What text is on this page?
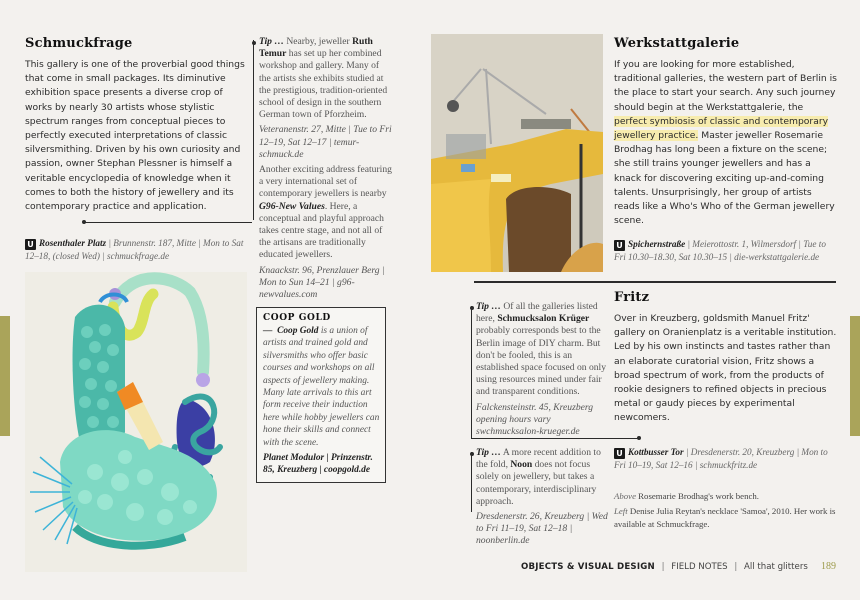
Schmuckfrage
This gallery is one of the proverbial good things that come in small packages. Its diminutive exhibition space presents a diverse crop of works by nearly 30 artists whose stylistic spectrum ranges from conceptual pieces to perfectly executed interpretations of classic silversmithing. Driven by his own curiosity and passion, owner Stephan Plessner is himself a veritable encyclopedia of knowledge when it comes to both the history of jewellery and its contemporary practice and application.
U Rosenthaler Platz | Brunnenstr. 187, Mitte | Mon to Sat 12–18, (closed Wed) | schmuckfrage.de
Tip … Nearby, jeweller Ruth Temur has set up her combined workshop and gallery. Many of the artists she exhibits studied at the prestigious, tradition-oriented school of design in the southern German town of Pforzheim.
Veteranenstr. 27, Mitte | Tue to Fri 12–19, Sat 12–17 | temur-schmuck.de
Another exciting address featuring a very international set of contemporary jewellers is nearby G96-New Values. Here, a conceptual and playful approach takes centre stage, and not all of the artisans are traditionally educated jewellers.
Knaackstr. 96, Prenzlauer Berg | Mon to Sun 14–21 | g96-newvalues.com
COOP GOLD
— Coop Gold is a union of artists and trained gold and silversmiths who offer basic courses and workshops on all aspects of jewellery making. Many late arrivals to this art form receive their induction here while hobby jewellers can hone their skills and connect with the scene.
Planet Modulor | Prinzenstr. 85, Kreuzberg | coopgold.de
Werkstattgalerie
If you are looking for more established, traditional galleries, the western part of Berlin is the place to start your search. Any such journey should begin at the Werkstattgalerie, the perfect symbiosis of classic and contemporary jewellery practice. Master jeweller Rosemarie Brodhag has long been a fixture on the scene; she still trains younger jewellers and has a knack for discovering exciting up-and-coming talents. Unsurprisingly, her group of artists reads like a Who's Who of the German jewellery scene.
U Spichernstraße | Meierottostr. 1, Wilmersdorf | Tue to Fri 10.30–18.30, Sat 10.30–15 | die-werkstattgalerie.de
Tip … Of all the galleries listed here, Schmucksalon Krüger probably corresponds best to the Berlin image of DIY charm. But don't be fooled, this is an established space focused on only using resources mined under fair and transparent conditions.
Falckensteinstr. 45, Kreuzberg opening hours vary swchmucksalon-krueger.de
Tip … A more recent addition to the fold, Noon does not focus solely on jewellery, but takes a contemporary, interdisciplinary approach.
Dresdenerstr. 26, Kreuzberg | Wed to Fri 11–19, Sat 12–18 | noonberlin.de
Fritz
Over in Kreuzberg, goldsmith Manuel Fritz' gallery on Oranienplatz is a veritable institution. Led by his own instincts and tastes rather than an elaborate curatorial vision, Fritz shows a broad spectrum of work, from the products of rookie designers to refined objects in precious metal or gaudy pieces by experimental newcomers.
U Kottbusser Tor | Dresdenerstr. 20, Kreuzberg | Mon to Fri 10–19, Sat 12–16 | schmuckfritz.de
Above Rosemarie Brodhag's work bench.
Left Denise Julia Reytan's necklace 'Samoa', 2010. Her work is available at Schmuckfrage.
OBJECTS & VISUAL DESIGN | FIELD NOTES | All that glitters 189
